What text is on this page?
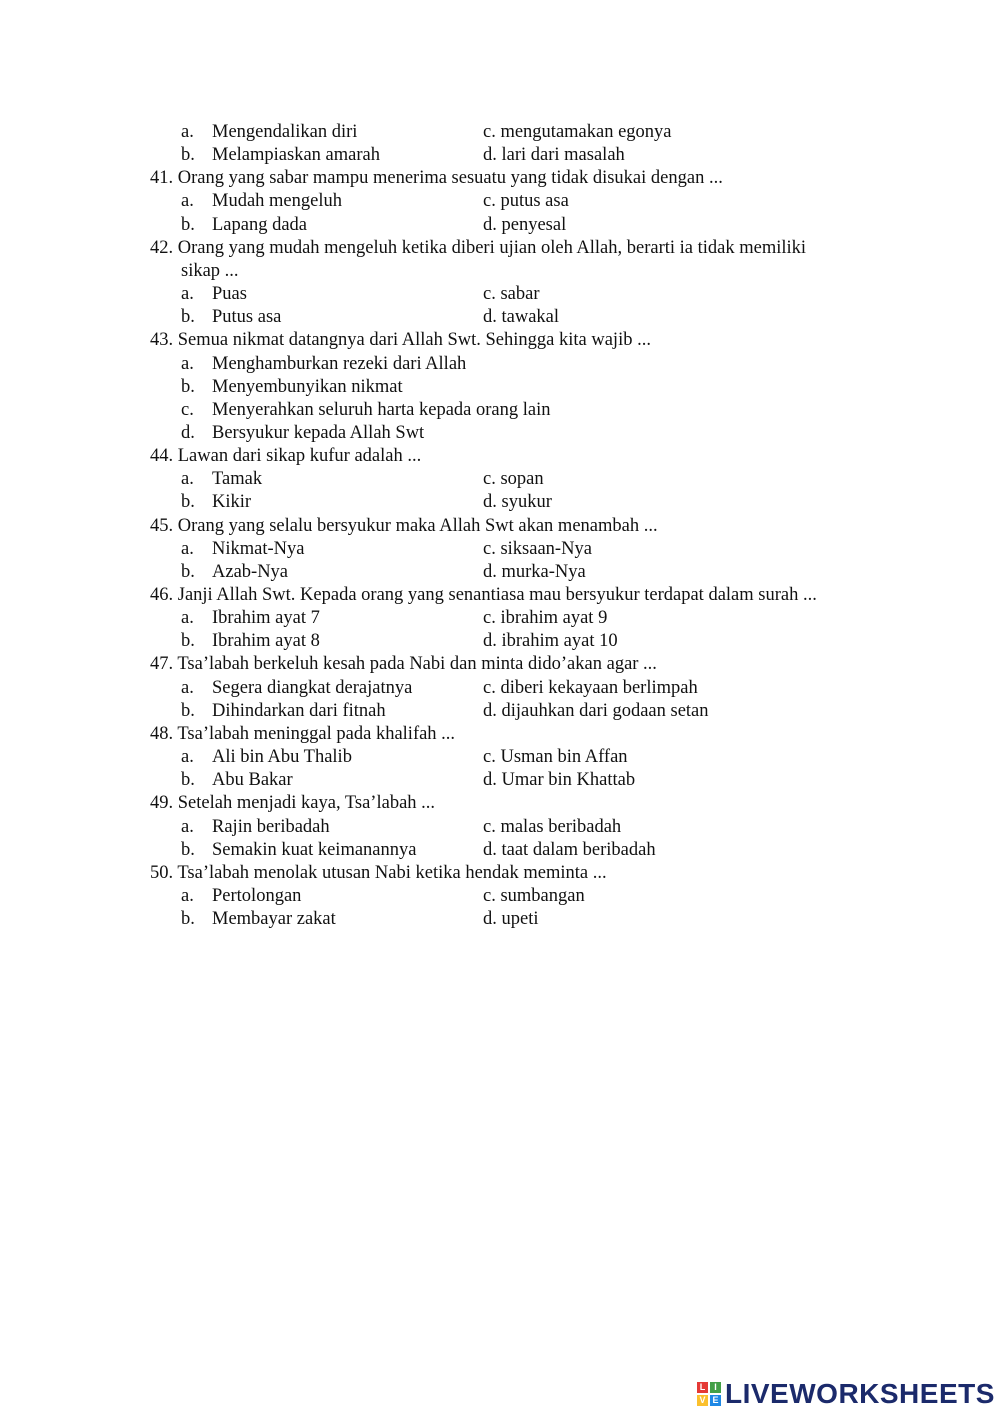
a. Mengendalikan diri	c. mengutamakan egonya
b. Melampiaskan amarah	d. lari dari masalah
41. Orang yang sabar mampu menerima sesuatu yang tidak disukai dengan ...
a. Mudah mengeluh	c. putus asa
b. Lapang dada	d. penyesal
42. Orang yang mudah mengeluh ketika diberi ujian oleh Allah, berarti ia tidak memiliki
sikap ...
a. Puas	c. sabar
b. Putus asa	d. tawakal
43. Semua nikmat datangnya dari Allah Swt. Sehingga kita wajib ...
a. Menghamburkan rezeki dari Allah
b. Menyembunyikan nikmat
c. Menyerahkan seluruh harta kepada orang lain
d. Bersyukur kepada Allah Swt
44. Lawan dari sikap kufur adalah ...
a. Tamak	c. sopan
b. Kikir	d. syukur
45. Orang yang selalu bersyukur maka Allah Swt akan menambah ...
a. Nikmat-Nya	c. siksaan-Nya
b. Azab-Nya	d. murka-Nya
46. Janji Allah Swt. Kepada orang yang senantiasa mau bersyukur terdapat dalam surah ...
a. Ibrahim ayat 7	c. ibrahim ayat 9
b. Ibrahim ayat 8	d. ibrahim ayat 10
47. Tsa’labah berkeluh kesah pada Nabi dan minta dido’akan agar ...
a. Segera diangkat derajatnya	c. diberi kekayaan berlimpah
b. Dihindarkan dari fitnah	d. dijauhkan dari godaan setan
48. Tsa’labah meninggal pada khalifah ...
a. Ali bin Abu Thalib	c. Usman bin Affan
b. Abu Bakar	d. Umar bin Khattab
49. Setelah menjadi kaya, Tsa’labah ...
a. Rajin beribadah	c. malas beribadah
b. Semakin kuat keimanannya	d. taat dalam beribadah
50. Tsa’labah menolak utusan Nabi ketika hendak meminta ...
a. Pertolongan	c. sumbangan
b. Membayar zakat	d. upeti
L I
V E LIVEWORKSHEETS
